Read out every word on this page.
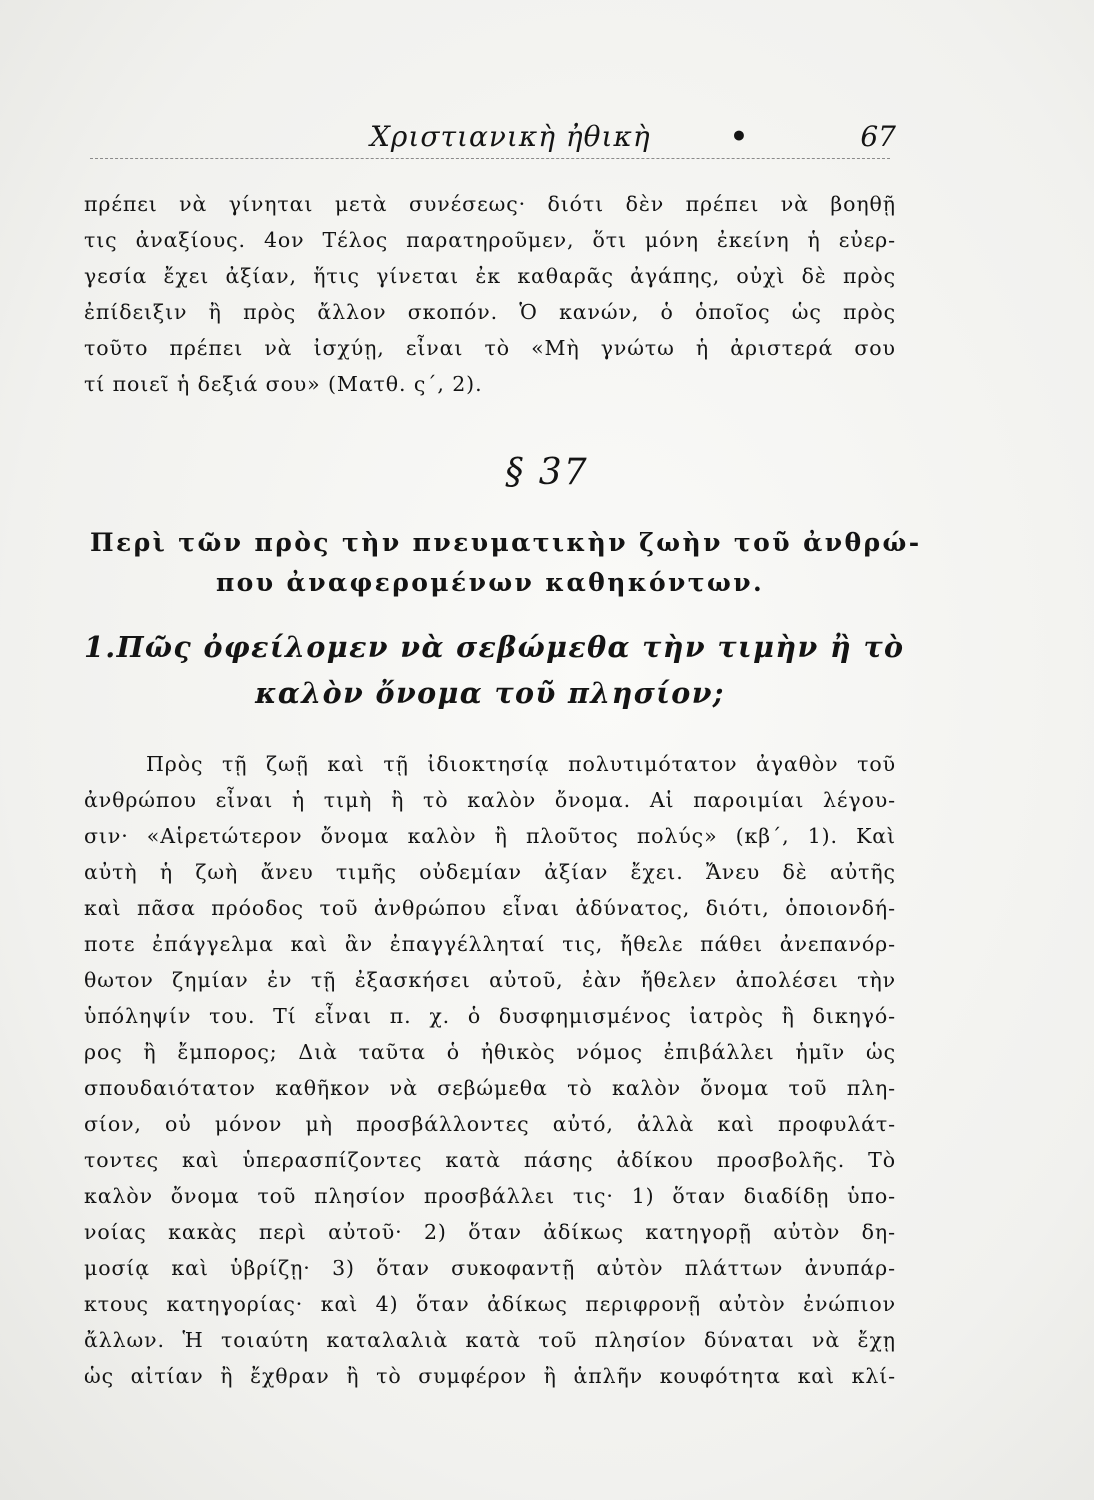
Χριστιανικὴ ἠθικὴ	•	67
πρέπει νὰ γίνηται μετὰ συνέσεως· διότι δὲν πρέπει νὰ βοηθῇ
τις ἀναξίους. 4ον Τέλος παρατηροῦμεν, ὅτι μόνη ἐκείνη ἡ εὐερ-
γεσία ἔχει ἀξίαν, ἥτις γίνεται ἐκ καθαρᾶς ἀγάπης, οὐχὶ δὲ πρὸς
ἐπίδειξιν ἢ πρὸς ἄλλον σκοπόν. Ὁ κανών, ὁ ὁποῖος ὡς πρὸς
τοῦτο πρέπει νὰ ἰσχύῃ, εἶναι τὸ «Μὴ γνώτω ἡ ἀριστερά σου
τί ποιεῖ ἡ δεξιά σου» (Ματθ. ς΄, 2).
§ 37
Περὶ τῶν πρὸς τὴν πνευματικὴν ζωὴν τοῦ ἀνθρώ-
που ἀναφερομένων καθηκόντων.
1. Πῶς ὀφείλομεν νὰ σεβώμεθα τὴν τιμὴν ἢ τὸ
καλὸν ὄνομα τοῦ πλησίον;
Πρὸς τῇ ζωῇ καὶ τῇ ἰδιοκτησίᾳ πολυτιμότατον ἀγαθὸν τοῦ
ἀνθρώπου εἶναι ἡ τιμὴ ἢ τὸ καλὸν ὄνομα. Αἱ παροιμίαι λέγου-
σιν· «Αἱρετώτερον ὄνομα καλὸν ἢ πλοῦτος πολύς» (κβ΄, 1). Καὶ
αὐτὴ ἡ ζωὴ ἄνευ τιμῆς οὐδεμίαν ἀξίαν ἔχει. Ἄνευ δὲ αὐτῆς
καὶ πᾶσα πρόοδος τοῦ ἀνθρώπου εἶναι ἀδύνατος, διότι, ὁποιονδή-
ποτε ἐπάγγελμα καὶ ἂν ἐπαγγέλληταί τις, ἤθελε πάθει ἀνεπανόρ-
θωτον ζημίαν ἐν τῇ ἐξασκήσει αὐτοῦ, ἐὰν ἤθελεν ἀπολέσει τὴν
ὑπόληψίν του. Τί εἶναι π. χ. ὁ δυσφημισμένος ἰατρὸς ἢ δικηγό-
ρος ἢ ἔμπορος; Διὰ ταῦτα ὁ ἠθικὸς νόμος ἐπιβάλλει ἡμῖν ὡς
σπουδαιότατον καθῆκον νὰ σεβώμεθα τὸ καλὸν ὄνομα τοῦ πλη-
σίον, οὐ μόνον μὴ προσβάλλοντες αὐτό, ἀλλὰ καὶ προφυλάτ-
τοντες καὶ ὑπερασπίζοντες κατὰ πάσης ἀδίκου προσβολῆς. Τὸ
καλὸν ὄνομα τοῦ πλησίον προσβάλλει τις· 1) ὅταν διαδίδῃ ὑπο-
νοίας κακὰς περὶ αὐτοῦ· 2) ὅταν ἀδίκως κατηγορῇ αὐτὸν δη-
μοσίᾳ καὶ ὑβρίζῃ· 3) ὅταν συκοφαντῇ αὐτὸν πλάττων ἀνυπάρ-
κτους κατηγορίας· καὶ 4) ὅταν ἀδίκως περιφρονῇ αὐτὸν ἐνώπιον
ἄλλων. Ἡ τοιαύτη καταλαλιὰ κατὰ τοῦ πλησίον δύναται νὰ ἔχῃ
ὡς αἰτίαν ἢ ἔχθραν ἢ τὸ συμφέρον ἢ ἁπλῆν κουφότητα καὶ κλί-
